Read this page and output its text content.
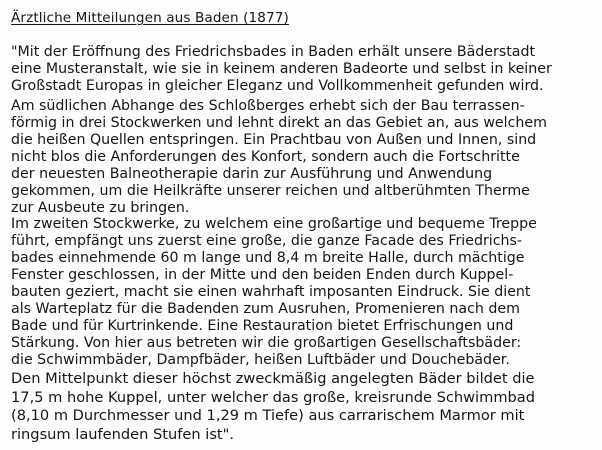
Ärztliche Mitteilungen aus Baden (1877)

"Mit der Eröffnung des Friedrichsbades in Baden erhält unsere Bäderstadt
eine Musteranstalt, wie sie in keinem anderen Badeorte und selbst in keiner
Großstadt Europas in gleicher Eleganz und Vollkommenheit gefunden wird.

Am südlichen Abhange des Schloßberges erhebt sich der Bau terrassen-
förmig in drei Stockwerken und lehnt direkt an das Gebiet an, aus welchem
die heißen Quellen entspringen. Ein Prachtbau von Außen und Innen, sind
nicht blos die Anforderungen des Konfort, sondern auch die Fortschritte
der neuesten Balneotherapie darin zur Ausführung und Anwendung
gekommen, um die Heilkräfte unserer reichen und altberühmten Therme
zur Ausbeute zu bringen.

Im zweiten Stockwerke, zu welchem eine großartige und bequeme Treppe
führt, empfängt uns zuerst eine große, die ganze Facade des Friedrichs-
bades einnehmende 60 m lange und 8,4 m breite Halle, durch mächtige
Fenster geschlossen, in der Mitte und den beiden Enden durch Kuppel-
bauten geziert, macht sie einen wahrhaft imposanten Eindruck. Sie dient
als Warteplatz für die Badenden zum Ausruhen, Promenieren nach dem
Bade und für Kurtrinkende. Eine Restauration bietet Erfrischungen und
Stärkung. Von hier aus betreten wir die großartigen Gesellschaftsbäder:
die Schwimmbäder, Dampfbäder, heißen Luftbäder und Douchebäder.

Den Mittelpunkt dieser höchst zweckmäßig angelegten Bäder bildet die
17,5 m hohe Kuppel, unter welcher das große, kreisrunde Schwimmbad
(8,10 m Durchmesser und 1,29 m Tiefe) aus carrarischem Marmor mit
ringsum laufenden Stufen ist".
